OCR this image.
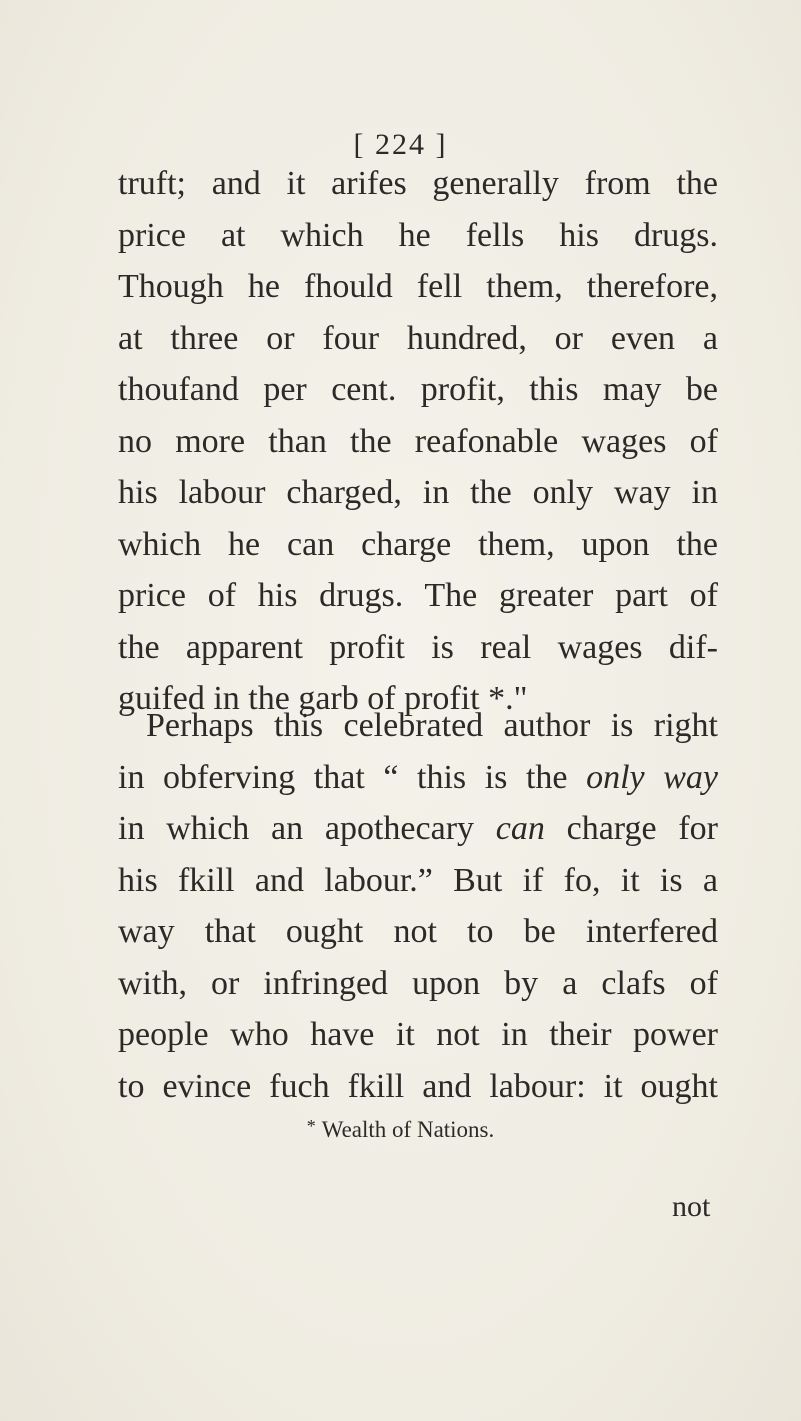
[ 224 ]
truft; and it arifes generally from the
price at which he fells his drugs.
Though he fhould fell them, therefore,
at three or four hundred, or even a
thoufand per cent. profit, this may be
no more than the reafonable wages of
his labour charged, in the only way in
which he can charge them, upon the
price of his drugs. The greater part of
the apparent profit is real wages dif-
guifed in the garb of profit *."
Perhaps this celebrated author is right
in obferving that “ this is the only way
in which an apothecary can charge for
his fkill and labour.” But if fo, it is a
way that ought not to be interfered
with, or infringed upon by a clafs of
people who have it not in their power
to evince fuch fkill and labour: it ought
* Wealth of Nations.
not
